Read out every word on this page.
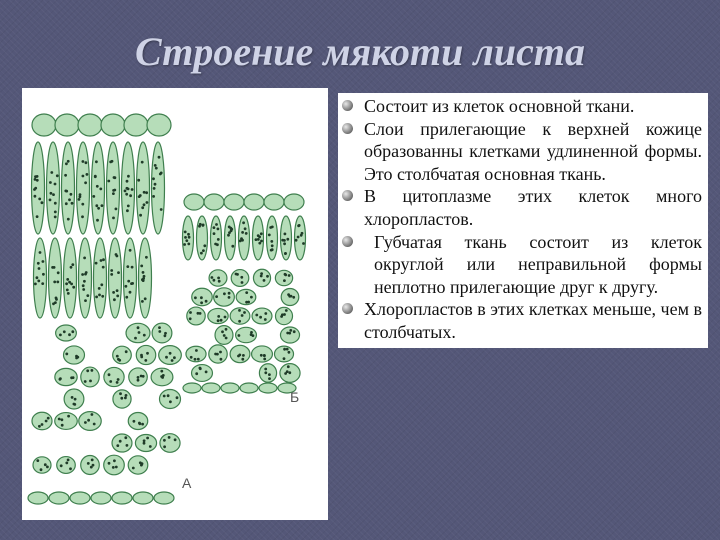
Строение мякоти листа
А
Б
Состоит из клеток основной ткани.
Слои прилегающие к верхней кожице образованны клетками удлиненной формы. Это столбчатая основная ткань.
В цитоплазме этих клеток много хлоропластов.
Губчатая ткань состоит из клеток округлой или неправильной формы неплотно прилегающие друг к другу.
Хлоропластов в этих клетках меньше, чем в столбчатых.
